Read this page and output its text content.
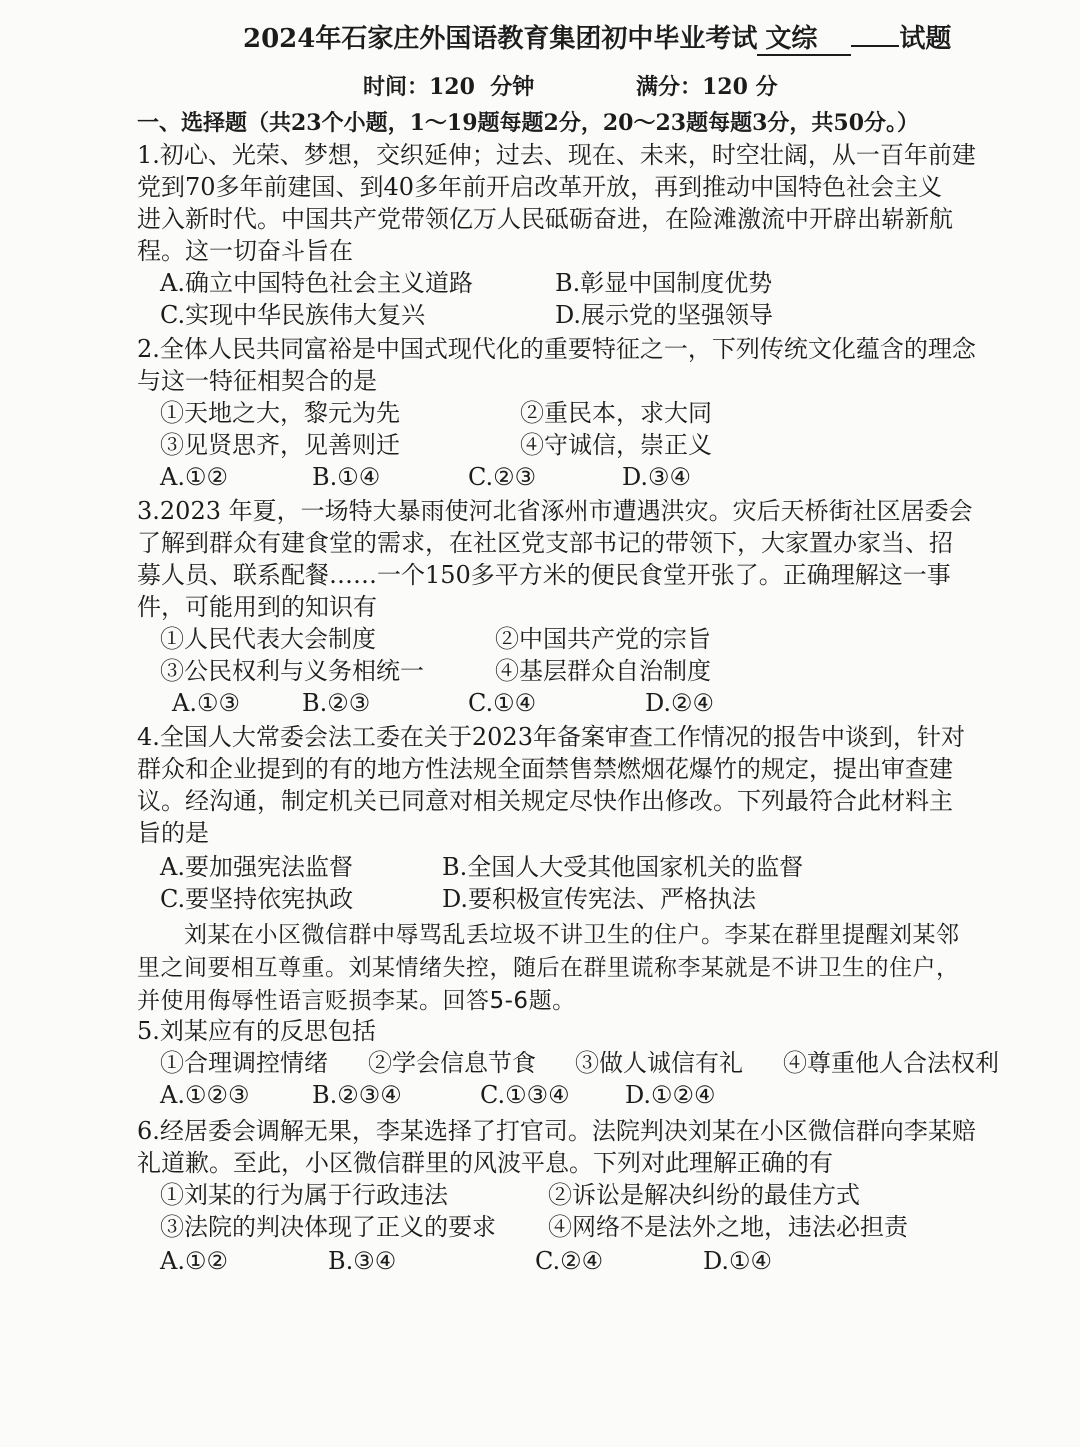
2024年石家庄外国语教育集团初中毕业考试 文综	试题
时间：120  分钟	满分：120 分
一、选择题（共23个小题，1～19题每题2分，20～23题每题3分，共50分。）
1.初心、光荣、梦想，交织延伸；过去、现在、未来，时空壮阔，从一百年前建
党到70多年前建国、到40多年前开启改革开放，再到推动中国特色社会主义
进入新时代。中国共产党带领亿万人民砥砺奋进，在险滩激流中开辟出崭新航
程。这一切奋斗旨在
A.确立中国特色社会主义道路	B.彰显中国制度优势
C.实现中华民族伟大复兴	D.展示党的坚强领导
2.全体人民共同富裕是中国式现代化的重要特征之一，下列传统文化蕴含的理念
与这一特征相契合的是
①天地之大，黎元为先	②重民本，求大同
③见贤思齐，见善则迁	④守诚信，崇正义
A.①②	B.①④	C.②③	D.③④
3.2023 年夏，一场特大暴雨使河北省涿州市遭遇洪灾。灾后天桥街社区居委会
了解到群众有建食堂的需求，在社区党支部书记的带领下，大家置办家当、招
募人员、联系配餐……一个150多平方米的便民食堂开张了。正确理解这一事
件，可能用到的知识有
①人民代表大会制度	②中国共产党的宗旨
③公民权利与义务相统一	④基层群众自治制度
A.①③	B.②③	C.①④	D.②④
4.全国人大常委会法工委在关于2023年备案审查工作情况的报告中谈到，针对
群众和企业提到的有的地方性法规全面禁售禁燃烟花爆竹的规定，提出审查建
议。经沟通，制定机关已同意对相关规定尽快作出修改。下列最符合此材料主
旨的是
A.要加强宪法监督	B.全国人大受其他国家机关的监督
C.要坚持依宪执政	D.要积极宣传宪法、严格执法
刘某在小区微信群中辱骂乱丢垃圾不讲卫生的住户。李某在群里提醒刘某邻
里之间要相互尊重。刘某情绪失控，随后在群里谎称李某就是不讲卫生的住户，
并使用侮辱性语言贬损李某。回答5-6题。
5.刘某应有的反思包括
①合理调控情绪 ②学会信息节食 ③做人诚信有礼 ④尊重他人合法权利
A.①②③	B.②③④	C.①③④ D.①②④
6.经居委会调解无果，李某选择了打官司。法院判决刘某在小区微信群向李某赔
礼道歉。至此，小区微信群里的风波平息。下列对此理解正确的有
①刘某的行为属于行政违法	②诉讼是解决纠纷的最佳方式
③法院的判决体现了正义的要求 ④网络不是法外之地，违法必担责
A.①②	B.③④	C.②④	D.①④
